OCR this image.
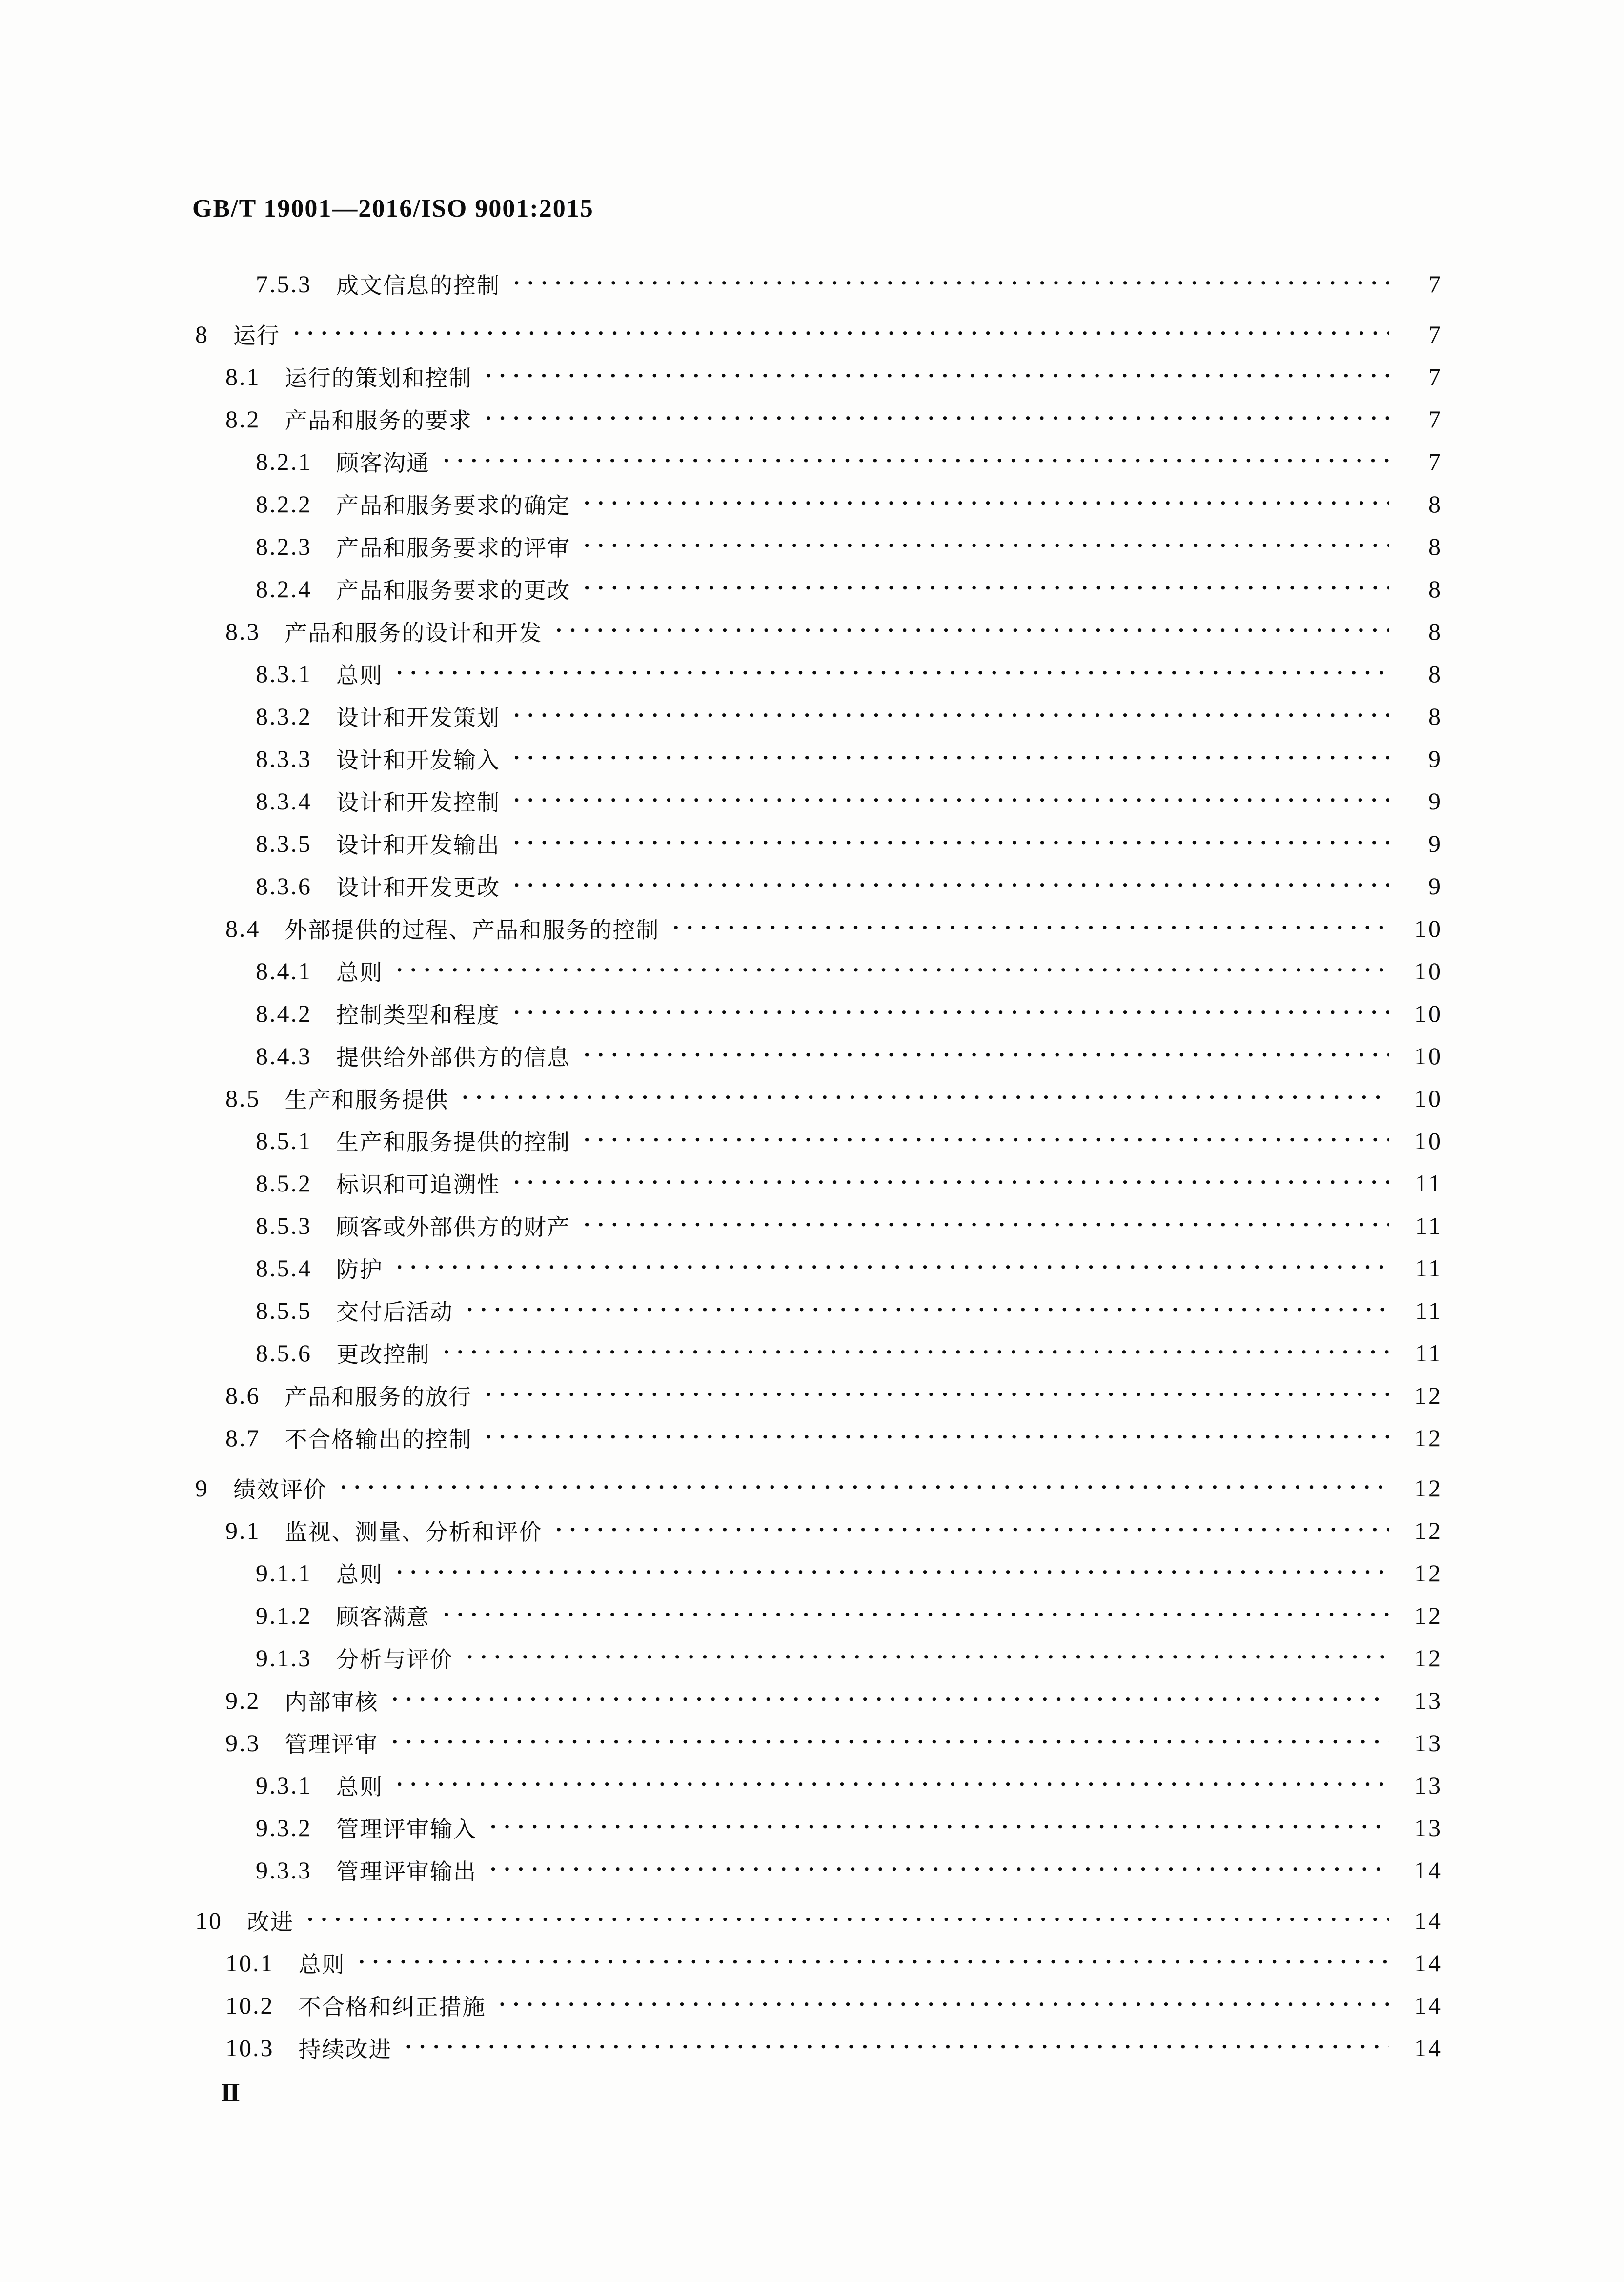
GB/T 19001—2016/ISO 9001:2015
7.5.3 成文信息的控制 ·····	7
8 运行 ·····	7
8.1 运行的策划和控制 ·····	7
8.2 产品和服务的要求 ·····	7
8.2.1 顾客沟通 ·····	7
8.2.2 产品和服务要求的确定 ·····	8
8.2.3 产品和服务要求的评审 ·····	8
8.2.4 产品和服务要求的更改 ·····	8
8.3 产品和服务的设计和开发 ·····	8
8.3.1 总则 ·····	8
8.3.2 设计和开发策划 ·····	8
8.3.3 设计和开发输入 ·····	9
8.3.4 设计和开发控制 ·····	9
8.3.5 设计和开发输出 ·····	9
8.3.6 设计和开发更改 ·····	9
8.4 外部提供的过程、产品和服务的控制 ·····	10
8.4.1 总则 ·····	10
8.4.2 控制类型和程度 ·····	10
8.4.3 提供给外部供方的信息 ·····	10
8.5 生产和服务提供 ·····	10
8.5.1 生产和服务提供的控制 ·····	10
8.5.2 标识和可追溯性 ·····	11
8.5.3 顾客或外部供方的财产 ·····	11
8.5.4 防护 ·····	11
8.5.5 交付后活动 ·····	11
8.5.6 更改控制 ·····	11
8.6 产品和服务的放行 ·····	12
8.7 不合格输出的控制 ·····	12
9 绩效评价 ·····	12
9.1 监视、测量、分析和评价 ·····	12
9.1.1 总则 ·····	12
9.1.2 顾客满意 ·····	12
9.1.3 分析与评价 ·····	12
9.2 内部审核 ·····	13
9.3 管理评审 ·····	13
9.3.1 总则 ·····	13
9.3.2 管理评审输入 ·····	13
9.3.3 管理评审输出 ·····	14
10 改进 ·····	14
10.1 总则 ·····	14
10.2 不合格和纠正措施 ·····	14
10.3 持续改进 ·····	14
Ⅱ
